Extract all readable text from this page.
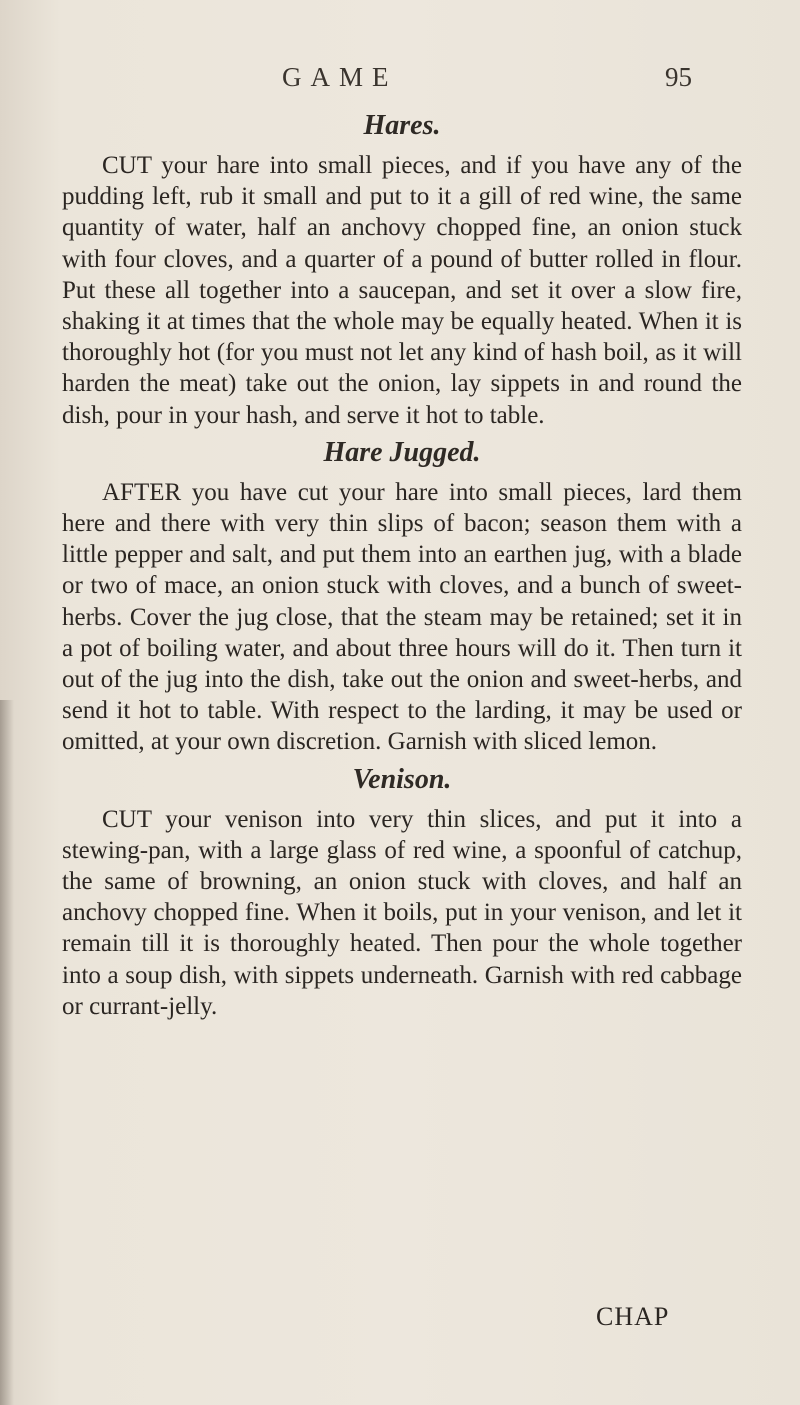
GAME	95
Hares.

CUT your hare into small pieces, and if you have any of the pudding left, rub it small and put to it a gill of red wine, the same quantity of water, half an anchovy chopped fine, an onion stuck with four cloves, and a quarter of a pound of butter rolled in flour. Put these all together into a saucepan, and set it over a slow fire, shaking it at times that the whole may be equally heated. When it is thoroughly hot (for you must not let any kind of hash boil, as it will harden the meat) take out the onion, lay sippets in and round the dish, pour in your hash, and serve it hot to table.

Hare Jugged.

AFTER you have cut your hare into small pieces, lard them here and there with very thin slips of bacon; season them with a little pepper and salt, and put them into an earthen jug, with a blade or two of mace, an onion stuck with cloves, and a bunch of sweet-herbs. Cover the jug close, that the steam may be retained; set it in a pot of boiling water, and about three hours will do it. Then turn it out of the jug into the dish, take out the onion and sweet-herbs, and send it hot to table. With respect to the larding, it may be used or omitted, at your own discretion. Garnish with sliced lemon.

Venison.

CUT your venison into very thin slices, and put it into a stewing-pan, with a large glass of red wine, a spoonful of catchup, the same of browning, an onion stuck with cloves, and half an anchovy chopped fine. When it boils, put in your venison, and let it remain till it is thoroughly heated. Then pour the whole together into a soup dish, with sippets underneath. Garnish with red cabbage or currant-jelly.

CHAP
